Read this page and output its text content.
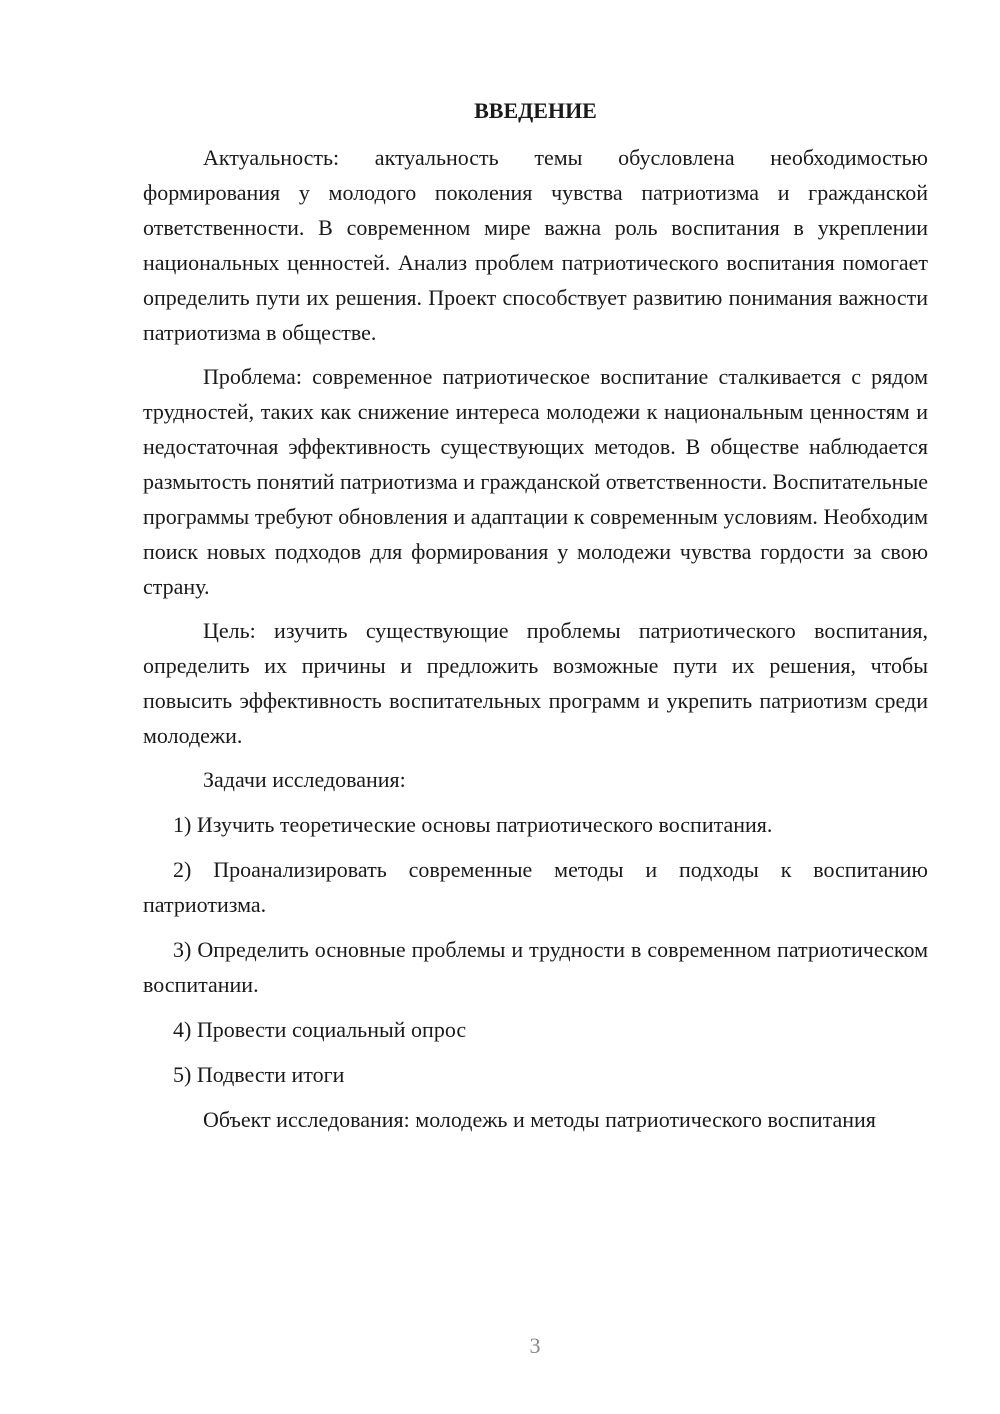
ВВЕДЕНИЕ

Актуальность: актуальность темы обусловлена необходимостью формирования у молодого поколения чувства патриотизма и гражданской ответственности. В современном мире важна роль воспитания в укреплении национальных ценностей. Анализ проблем патриотического воспитания помогает определить пути их решения. Проект способствует развитию понимания важности патриотизма в обществе.

Проблема: современное патриотическое воспитание сталкивается с рядом трудностей, таких как снижение интереса молодежи к национальным ценностям и недостаточная эффективность существующих методов. В обществе наблюдается размытость понятий патриотизма и гражданской ответственности. Воспитательные программы требуют обновления и адаптации к современным условиям. Необходим поиск новых подходов для формирования у молодежи чувства гордости за свою страну.

Цель: изучить существующие проблемы патриотического воспитания, определить их причины и предложить возможные пути их решения, чтобы повысить эффективность воспитательных программ и укрепить патриотизм среди молодежи.

Задачи исследования:

1) Изучить теоретические основы патриотического воспитания.

2) Проанализировать современные методы и подходы к воспитанию патриотизма.

3) Определить основные проблемы и трудности в современном патриотическом воспитании.

4) Провести социальный опрос

5) Подвести итоги

Объект исследования: молодежь и методы патриотического воспитания

3
